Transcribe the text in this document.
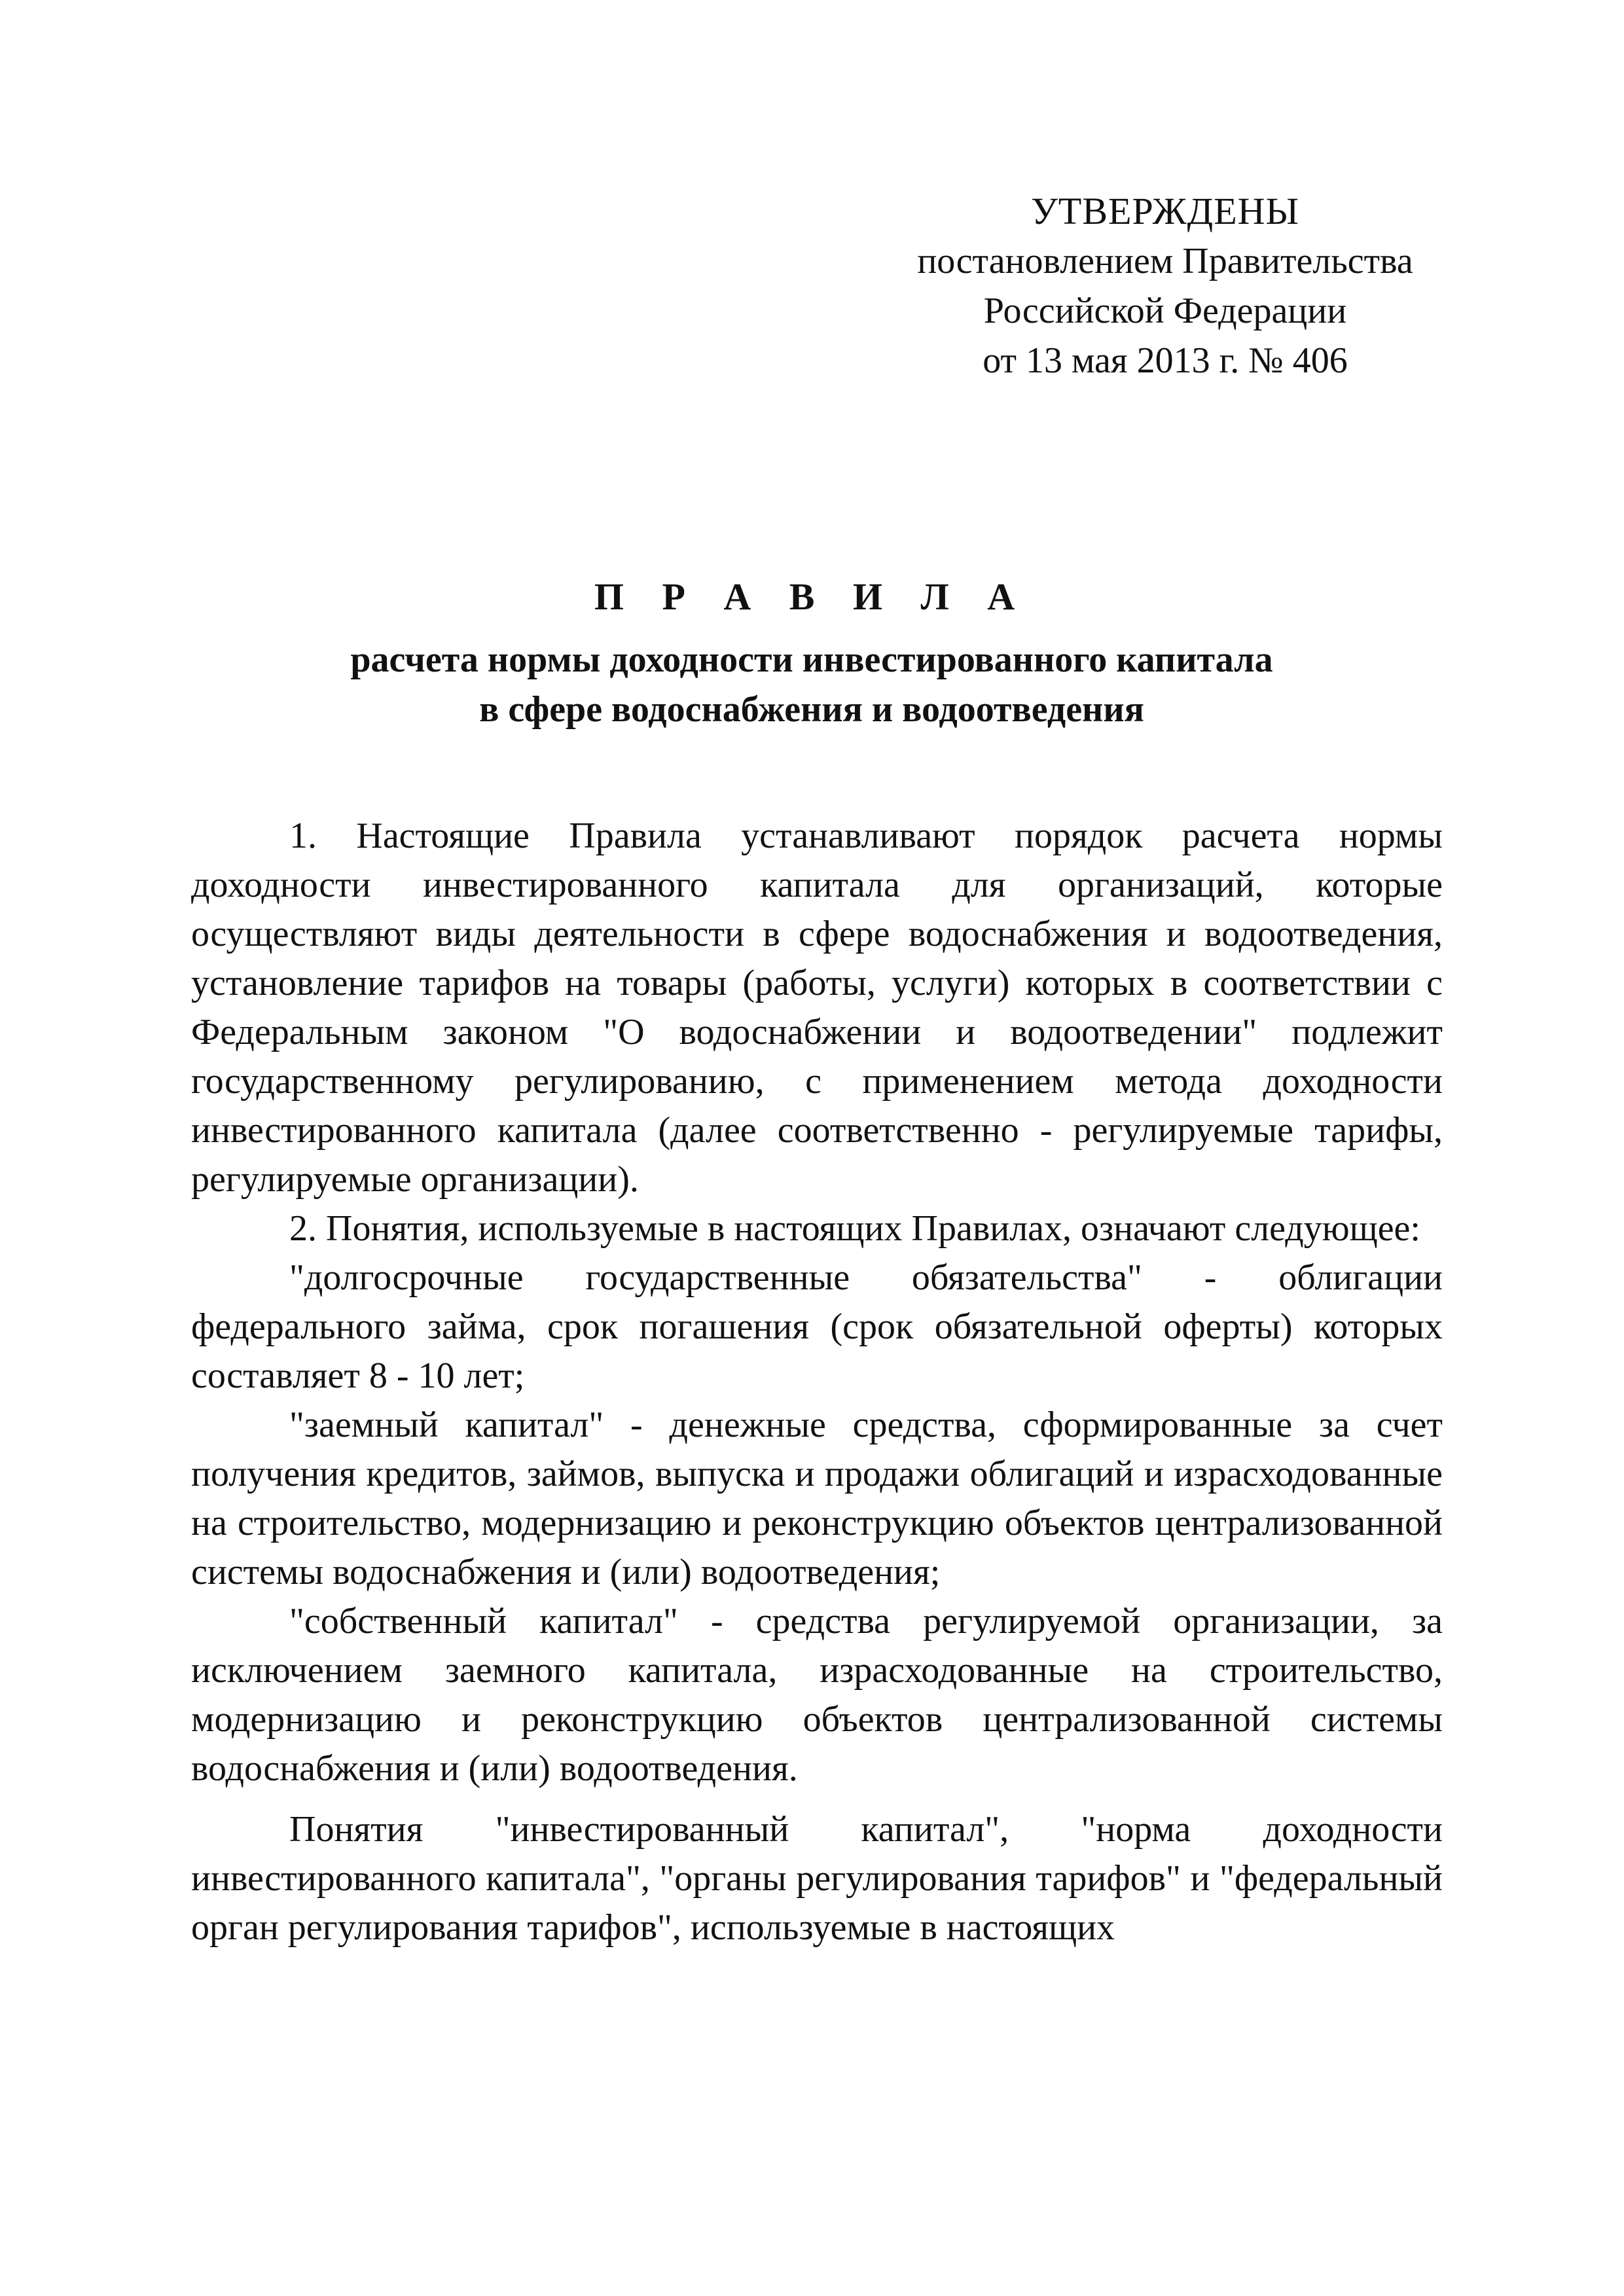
УТВЕРЖДЕНЫ
постановлением Правительства
Российской Федерации
от 13 мая 2013 г. № 406
П Р А В И Л А
расчета нормы доходности инвестированного капитала
в сфере водоснабжения и водоотведения

1. Настоящие Правила устанавливают порядок расчета нормы доходности инвестированного капитала для организаций, которые осуществляют виды деятельности в сфере водоснабжения и водоотведения, установление тарифов на товары (работы, услуги) которых в соответствии с Федеральным законом "О водоснабжении и водоотведении" подлежит государственному регулированию, с применением метода доходности инвестированного капитала (далее соответственно - регулируемые тарифы, регулируемые организации).

2. Понятия, используемые в настоящих Правилах, означают следующее:

"долгосрочные государственные обязательства" - облигации федерального займа, срок погашения (срок обязательной оферты) которых составляет 8 - 10 лет;

"заемный капитал" - денежные средства, сформированные за счет получения кредитов, займов, выпуска и продажи облигаций и израсходованные на строительство, модернизацию и реконструкцию объектов централизованной системы водоснабжения и (или) водоотведения;

"собственный капитал" - средства регулируемой организации, за исключением заемного капитала, израсходованные на строительство, модернизацию и реконструкцию объектов централизованной системы водоснабжения и (или) водоотведения.

Понятия "инвестированный капитал", "норма доходности инвестированного капитала", "органы регулирования тарифов" и "федеральный орган регулирования тарифов", используемые в настоящих
